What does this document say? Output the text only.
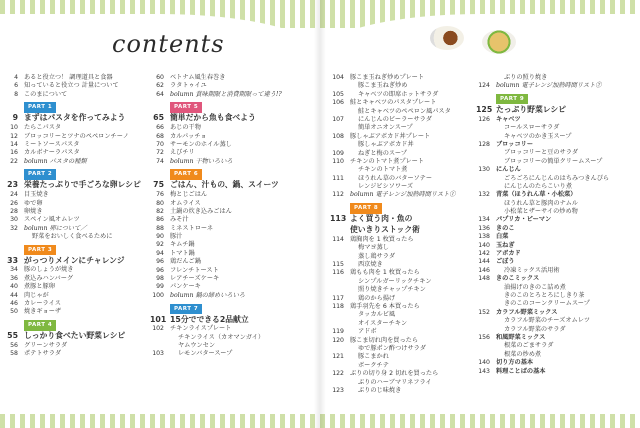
contents
4 あると役立つ！ 調理道具と食器
6 知っていると役立つ 計量について
8 このまについて
PART 1
9 まずはパスタを作ってみよう
10 たらこパスタ
12 ブロッコリーとツナのペペロンチーノ
14 ミートソースパスタ
16 カルボナーラパスタ
22 bolumn パスタの種類
PART 2
23 栄養たっぷりで手ごろな卵レシピ
24 目玉焼き
26 ゆで卵
28 卵焼き
30 スペイン風オムレツ
32 bolumn 卵について／
野菜をおいしく食べるために
PART 3
33 がっつりメインにチャレンジ
34 豚のしょうが焼き
36 煮込みハンバーグ
40 煮豚と豚卵
44 肉じゃが
46 カレーライス
50 焼きギョーザ
PART 4
55 しっかり食べたい野菜レシピ
56 グリーンサラダ
58 ポテトサラダ
60 ベトナム風生春巻き
62 ラタトゥイユ
64 bolumn 賞味期限と消費期限って違う!?
PART 5
65 簡単だから魚も食べよう
66 あじの干物
68 カルパッチョ
70 サーモンのホイル蒸し
72 えびチリ
74 bolumn 干物いろいろ
PART 6
75 ごはん、汁もの、鍋、スイーツ
76 梅とじごはん
80 オムライス
82 土鍋の炊き込みごはん
86 みそ汁
88 ミネストローネ
90 豚汁
92 キムチ鍋
94 トマト鍋
96 鶏だんご鍋
96 フレンチトースト
98 レアチーズケーキ
99 パンケーキ
100 bolumn 鍋の締めいろいろ
PART 7
101 15分でできる2品献立
102 チキンライスプレート
チキンライス（カオマンガイ）
ヤムウンセン
103	レモンバタースープ
104 豚こま玉ねぎ炒めプレート
豚こま玉ねぎ炒め
105	キャベツの即席ホットサラダ
106 鮭とキャベツのパスタプレート
鮭とキャベツのペペロン風パスタ
107	にんじんのビーラーサラダ
簡単オニオンスープ
108 豚しゃぶアボカド丼プレート
豚しゃぶアボカド丼
109	ねぎと梅のスープ
110 チキンのトマト煮プレート
チキンのトマト煮
111	ほうれん草のバターソテー
レンジビシソワーズ
112 bolumn 電子レンジ加熱時間リスト①
PART 8
113 よく買う肉・魚の
使いきりストック術
114 鶏胸肉を 1 枚買ったら
梅マヨ蒸し
蒸し鶏サラダ
115	西京焼き
116 鶏もも肉を 1 枚買ったら
シンプルガーリックチキン
照り焼きチャップチキン
117	鶏のから揚げ
118 鶏手羽先を 6 本買ったら
タッカルビ風
オイスターチキン
119	アドボ
120 豚こま切れ肉を買ったら
ゆで豚ポン酢つけサラダ
121	豚こまかれ
ボークチテ
122 ぶりの切り身 2 切れを買ったら
ぶりのハーブマリネフライ
123	ぶりのじ味焼き
ぶりの照り焼き
124 bolumn 電子レンジ加熱時間リスト②
PART 9
125 たっぷり野菜レシピ
126 キャベツ
コールスローサラダ
キャベツのかき玉スープ
128 ブロッコリー
ブロッコリーと豆のサラダ
ブロッコリーの簡単クリームスープ
130 にんじん
ごろごろにんじんのはちみつきんぴら
にんじんのたらこいり煮
132 青菜（ほうれん草・小松菜）
ほうれん草と豚肉のナムル
小松菜とザーサイの炒め物
134 パプリカ・ピーマン
136 きのこ
138 白菜
140 玉ねぎ
142 アボカド
144 ごぼう
146	冷凍ミックス活用術
148 きのこミックス
油揚げのきのこ詰め煮
きのこのとろとろにしきり茶
きのこのコーンクリームスープ
152 カラフル野菜ミックス
カラフル野菜のチーズオムレツ
カラフル野菜のサラダ
156 和風野菜ミックス
根菜のごまサラダ
根菜の炒め煮
140 切り方の基本
143 料理ことばの基本
